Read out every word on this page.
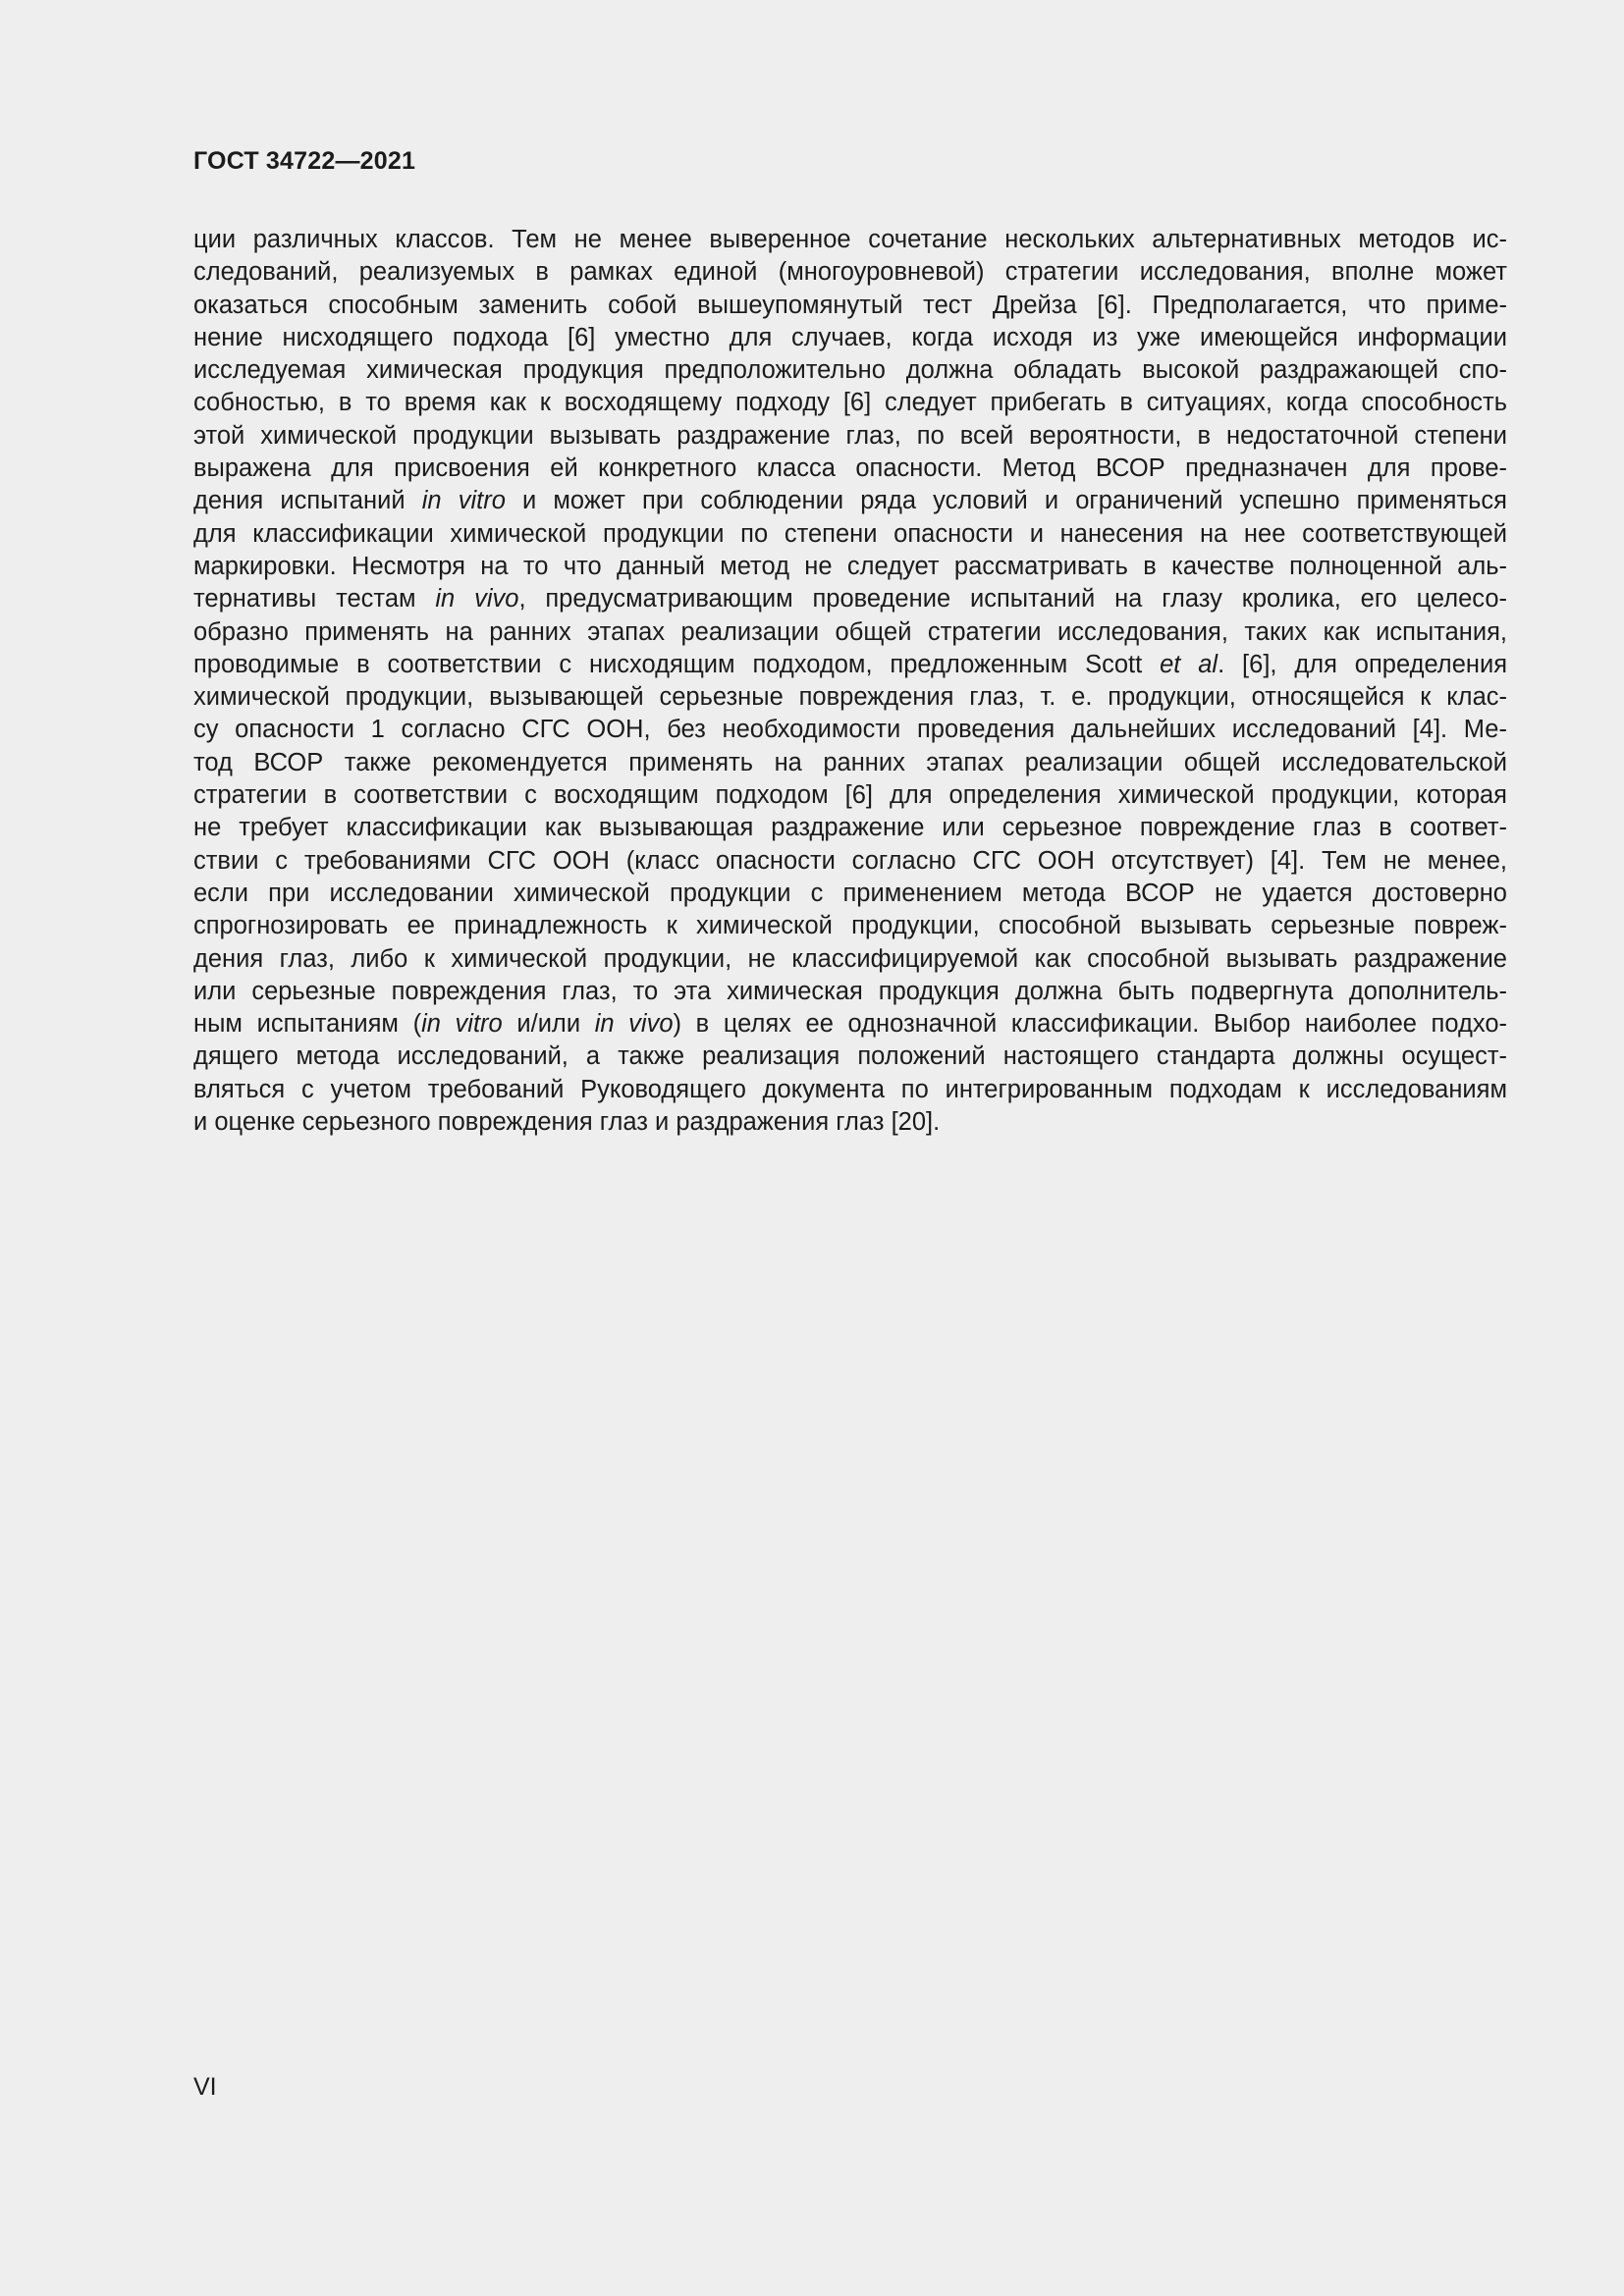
ГОСТ 34722—2021
ции различных классов. Тем не менее выверенное сочетание нескольких альтернативных методов ис-
следований, реализуемых в рамках единой (многоуровневой) стратегии исследования, вполне может
оказаться способным заменить собой вышеупомянутый тест Дрейза [6]. Предполагается, что приме-
нение нисходящего подхода [6] уместно для случаев, когда исходя из уже имеющейся информации
исследуемая химическая продукция предположительно должна обладать высокой раздражающей спо-
собностью, в то время как к восходящему подходу [6] следует прибегать в ситуациях, когда способность
этой химической продукции вызывать раздражение глаз, по всей вероятности, в недостаточной степени
выражена для присвоения ей конкретного класса опасности. Метод ВСОР предназначен для прове-
дения испытаний in vitro и может при соблюдении ряда условий и ограничений успешно применяться
для классификации химической продукции по степени опасности и нанесения на нее соответствующей
маркировки. Несмотря на то что данный метод не следует рассматривать в качестве полноценной аль-
тернативы тестам in vivo, предусматривающим проведение испытаний на глазу кролика, его целесо-
образно применять на ранних этапах реализации общей стратегии исследования, таких как испытания,
проводимые в соответствии с нисходящим подходом, предложенным Scott et al. [6], для определения
химической продукции, вызывающей серьезные повреждения глаз, т. е. продукции, относящейся к клас-
су опасности 1 согласно СГС ООН, без необходимости проведения дальнейших исследований [4]. Ме-
тод ВСОР также рекомендуется применять на ранних этапах реализации общей исследовательской
стратегии в соответствии с восходящим подходом [6] для определения химической продукции, которая
не требует классификации как вызывающая раздражение или серьезное повреждение глаз в соответ-
ствии с требованиями СГС ООН (класс опасности согласно СГС ООН отсутствует) [4]. Тем не менее,
если при исследовании химической продукции с применением метода ВСОР не удается достоверно
спрогнозировать ее принадлежность к химической продукции, способной вызывать серьезные повреж-
дения глаз, либо к химической продукции, не классифицируемой как способной вызывать раздражение
или серьезные повреждения глаз, то эта химическая продукция должна быть подвергнута дополнитель-
ным испытаниям (in vitro и/или in vivo) в целях ее однозначной классификации. Выбор наиболее подхо-
дящего метода исследований, а также реализация положений настоящего стандарта должны осущест-
вляться с учетом требований Руководящего документа по интегрированным подходам к исследованиям
и оценке серьезного повреждения глаз и раздражения глаз [20].
VI
